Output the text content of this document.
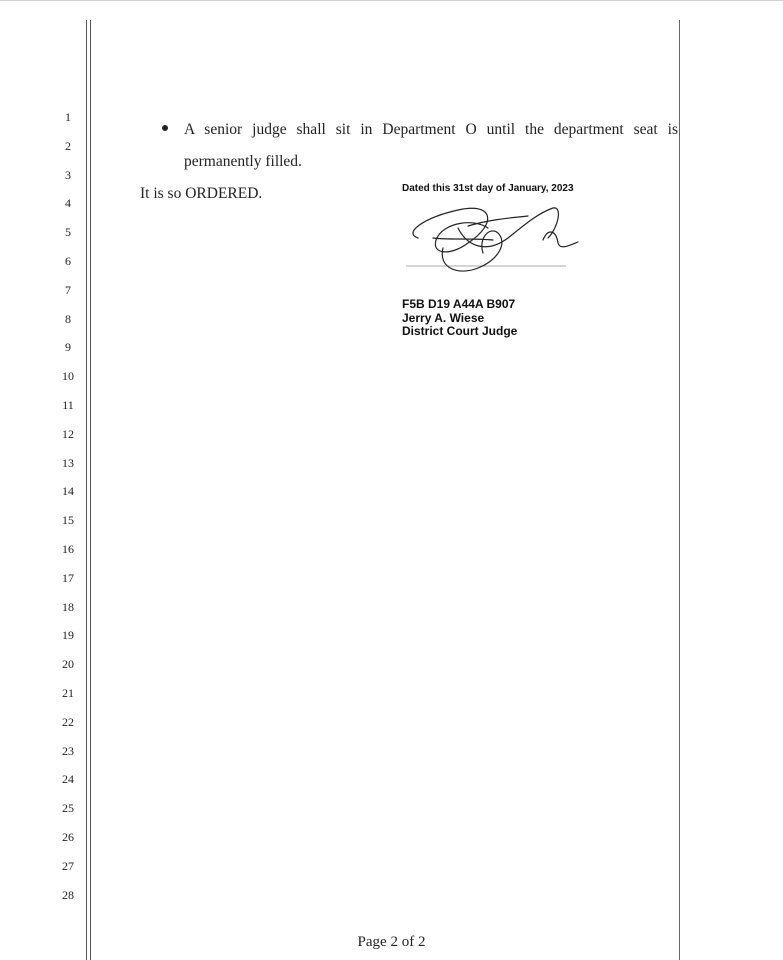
1
2
3
4
5
6
7
8
9
10
11
12
13
14
15
16
17
18
19
20
21
22
23
24
25
26
27
28
A senior judge shall sit in Department O until the department seat is
permanently filled.
It is so ORDERED.	Dated this 31st day of January, 2023
F5B D19 A44A B907
Jerry A. Wiese
District Court Judge
Page 2 of 2
